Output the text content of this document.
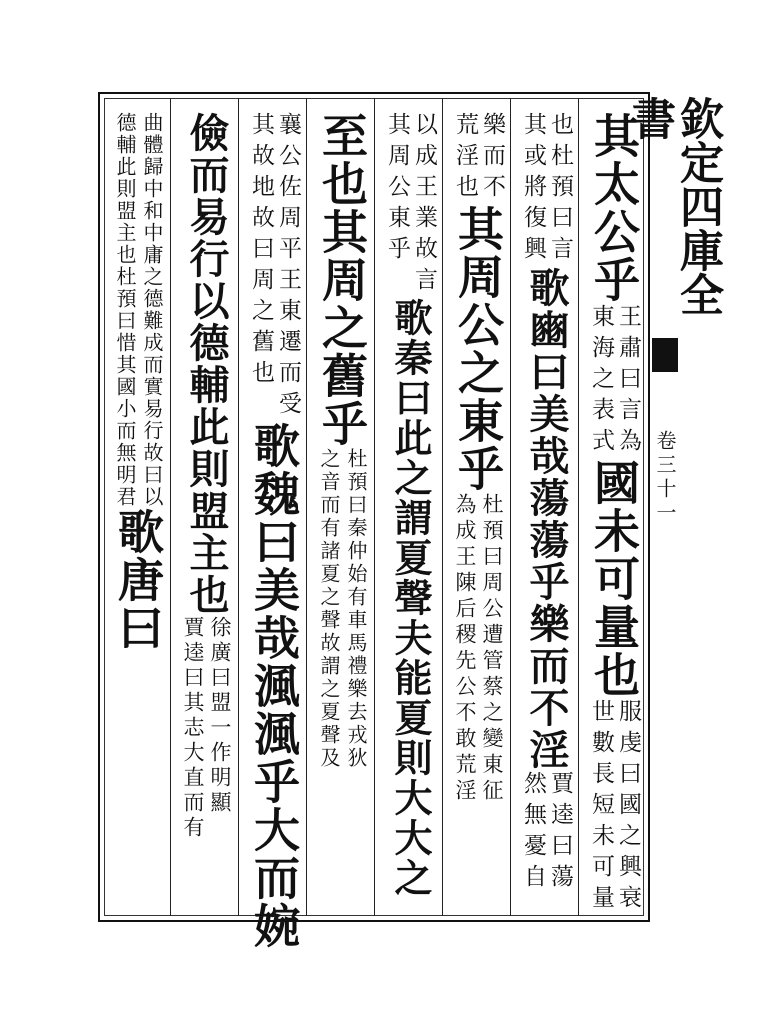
欽定四庫全書
卷三十一
其太公乎
東海之表式 王肅曰言為
國未可量也
世數長短未可量 服虔曰國之興衰
其或將復興 也杜預曰言
歌豳曰美哉蕩蕩乎樂而不淫
然無憂自 賈逵曰蕩
荒淫也 樂而不
其周公之東乎
為成王陳后稷先公不敢荒淫 杜預曰周公遭管蔡之變東征
其周公東乎 以成王業故言
歌秦曰此之謂夏聲夫能夏則大大之
至也其周之舊乎
之音而有諸夏之聲故謂之夏聲及 杜預曰秦仲始有車馬禮樂去戎狄
其故地故曰周之舊也 襄公佐周平王東遷而受
歌魏曰美哉渢渢乎大而婉
儉而易行以德輔此則盟主也
賈逵曰其志大直而有 徐廣曰盟一作明顯
德輔此則盟主也杜預曰惜其國小而無明君 曲體歸中和中庸之德難成而實易行故曰以
歌唐曰
